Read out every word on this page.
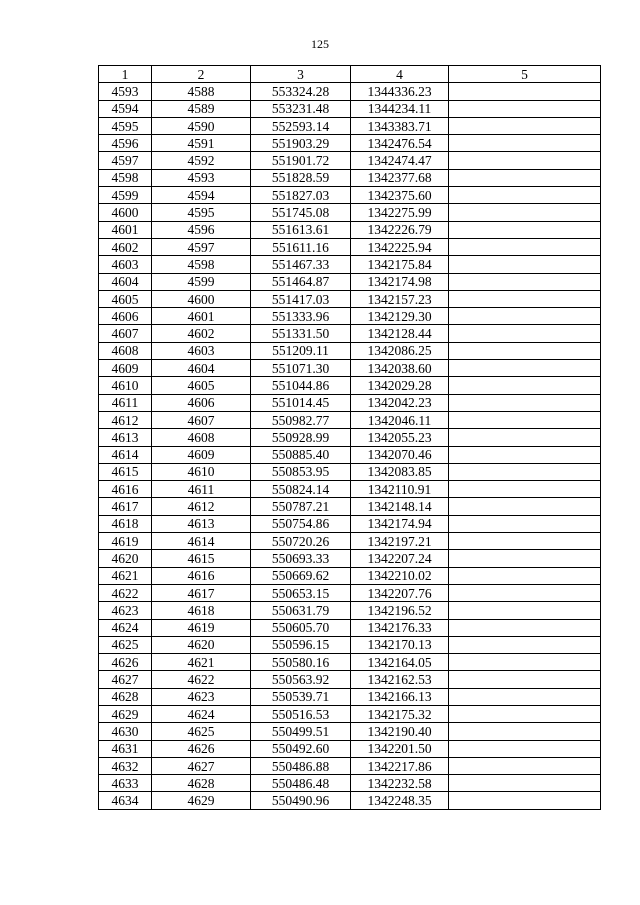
125
1	2	3	4	5
4593	4588	553324.28	1344336.23	
4594	4589	553231.48	1344234.11	
4595	4590	552593.14	1343383.71	
4596	4591	551903.29	1342476.54	
4597	4592	551901.72	1342474.47	
4598	4593	551828.59	1342377.68	
4599	4594	551827.03	1342375.60	
4600	4595	551745.08	1342275.99	
4601	4596	551613.61	1342226.79	
4602	4597	551611.16	1342225.94	
4603	4598	551467.33	1342175.84	
4604	4599	551464.87	1342174.98	
4605	4600	551417.03	1342157.23	
4606	4601	551333.96	1342129.30	
4607	4602	551331.50	1342128.44	
4608	4603	551209.11	1342086.25	
4609	4604	551071.30	1342038.60	
4610	4605	551044.86	1342029.28	
4611	4606	551014.45	1342042.23	
4612	4607	550982.77	1342046.11	
4613	4608	550928.99	1342055.23	
4614	4609	550885.40	1342070.46	
4615	4610	550853.95	1342083.85	
4616	4611	550824.14	1342110.91	
4617	4612	550787.21	1342148.14	
4618	4613	550754.86	1342174.94	
4619	4614	550720.26	1342197.21	
4620	4615	550693.33	1342207.24	
4621	4616	550669.62	1342210.02	
4622	4617	550653.15	1342207.76	
4623	4618	550631.79	1342196.52	
4624	4619	550605.70	1342176.33	
4625	4620	550596.15	1342170.13	
4626	4621	550580.16	1342164.05	
4627	4622	550563.92	1342162.53	
4628	4623	550539.71	1342166.13	
4629	4624	550516.53	1342175.32	
4630	4625	550499.51	1342190.40	
4631	4626	550492.60	1342201.50	
4632	4627	550486.88	1342217.86	
4633	4628	550486.48	1342232.58	
4634	4629	550490.96	1342248.35	
